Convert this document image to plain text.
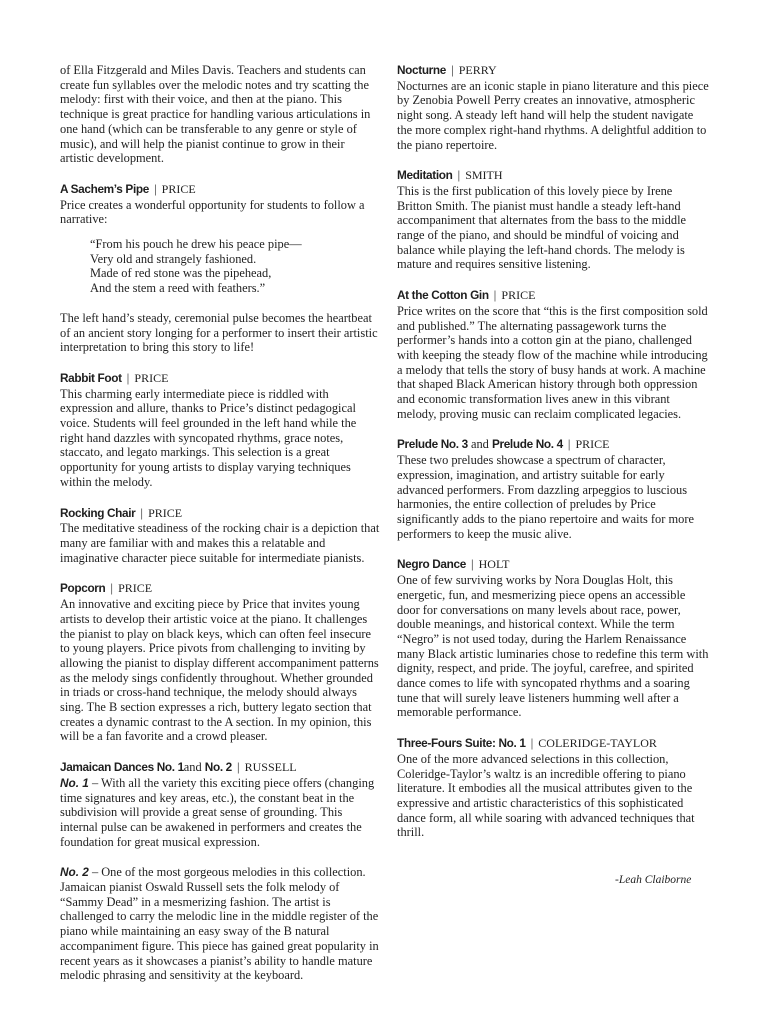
of Ella Fitzgerald and Miles Davis. Teachers and students can create fun syllables over the melodic notes and try scatting the melody: first with their voice, and then at the piano. This technique is great practice for handling various articulations in one hand (which can be transferable to any genre or style of music), and will help the pianist continue to grow in their artistic development.

A Sachem’s Pipe | PRICE

Price creates a wonderful opportunity for students to follow a narrative:

“From his pouch he drew his peace pipe—
Very old and strangely fashioned.
Made of red stone was the pipehead,
And the stem a reed with feathers.”

The left hand’s steady, ceremonial pulse becomes the heartbeat of an ancient story longing for a performer to insert their artistic interpretation to bring this story to life!

Rabbit Foot | PRICE

This charming early intermediate piece is riddled with expression and allure, thanks to Price’s distinct pedagogical voice. Students will feel grounded in the left hand while the right hand dazzles with syncopated rhythms, grace notes, staccato, and legato markings. This selection is a great opportunity for young artists to display varying techniques within the melody.

Rocking Chair | PRICE

The meditative steadiness of the rocking chair is a depiction that many are familiar with and makes this a relatable and imaginative character piece suitable for intermediate pianists.

Popcorn | PRICE

An innovative and exciting piece by Price that invites young artists to develop their artistic voice at the piano. It challenges the pianist to play on black keys, which can often feel insecure to young players. Price pivots from challenging to inviting by allowing the pianist to display different accompaniment patterns as the melody sings confidently throughout. Whether grounded in triads or cross-hand technique, the melody should always sing. The B section expresses a rich, buttery legato section that creates a dynamic contrast to the A section. In my opinion, this will be a fan favorite and a crowd pleaser.

Jamaican Dances No. 1and No. 2 | RUSSELL

No. 1 – With all the variety this exciting piece offers (changing time signatures and key areas, etc.), the constant beat in the subdivision will provide a great sense of grounding. This internal pulse can be awakened in performers and creates the foundation for great musical expression.

No. 2 – One of the most gorgeous melodies in this collection. Jamaican pianist Oswald Russell sets the folk melody of “Sammy Dead” in a mesmerizing fashion. The artist is challenged to carry the melodic line in the middle register of the piano while maintaining an easy sway of the B natural accompaniment figure. This piece has gained great popularity in recent years as it showcases a pianist’s ability to handle mature melodic phrasing and sensitivity at the keyboard.

Nocturne | PERRY

Nocturnes are an iconic staple in piano literature and this piece by Zenobia Powell Perry creates an innovative, atmospheric night song. A steady left hand will help the student navigate the more complex right-hand rhythms. A delightful addition to the piano repertoire.

Meditation | SMITH

This is the first publication of this lovely piece by Irene Britton Smith. The pianist must handle a steady left-hand accompaniment that alternates from the bass to the middle range of the piano, and should be mindful of voicing and balance while playing the left-hand chords. The melody is mature and requires sensitive listening.

At the Cotton Gin | PRICE

Price writes on the score that “this is the first composition sold and published.” The alternating passagework turns the performer’s hands into a cotton gin at the piano, challenged with keeping the steady flow of the machine while introducing a melody that tells the story of busy hands at work. A machine that shaped Black American history through both oppression and economic transformation lives anew in this vibrant melody, proving music can reclaim complicated legacies.

Prelude No. 3 and Prelude No. 4 | PRICE

These two preludes showcase a spectrum of character, expression, imagination, and artistry suitable for early advanced performers. From dazzling arpeggios to luscious harmonies, the entire collection of preludes by Price significantly adds to the piano repertoire and waits for more performers to keep the music alive.

Negro Dance | HOLT

One of few surviving works by Nora Douglas Holt, this energetic, fun, and mesmerizing piece opens an accessible door for conversations on many levels about race, power, double meanings, and historical context. While the term “Negro” is not used today, during the Harlem Renaissance many Black artistic luminaries chose to redefine this term with dignity, respect, and pride. The joyful, carefree, and spirited dance comes to life with syncopated rhythms and a soaring tune that will surely leave listeners humming well after a memorable performance.

Three-Fours Suite: No. 1 | COLERIDGE-TAYLOR

One of the more advanced selections in this collection, Coleridge-Taylor’s waltz is an incredible offering to piano literature. It embodies all the musical attributes given to the expressive and artistic characteristics of this sophisticated dance form, all while soaring with advanced techniques that thrill.

-Leah Claiborne
